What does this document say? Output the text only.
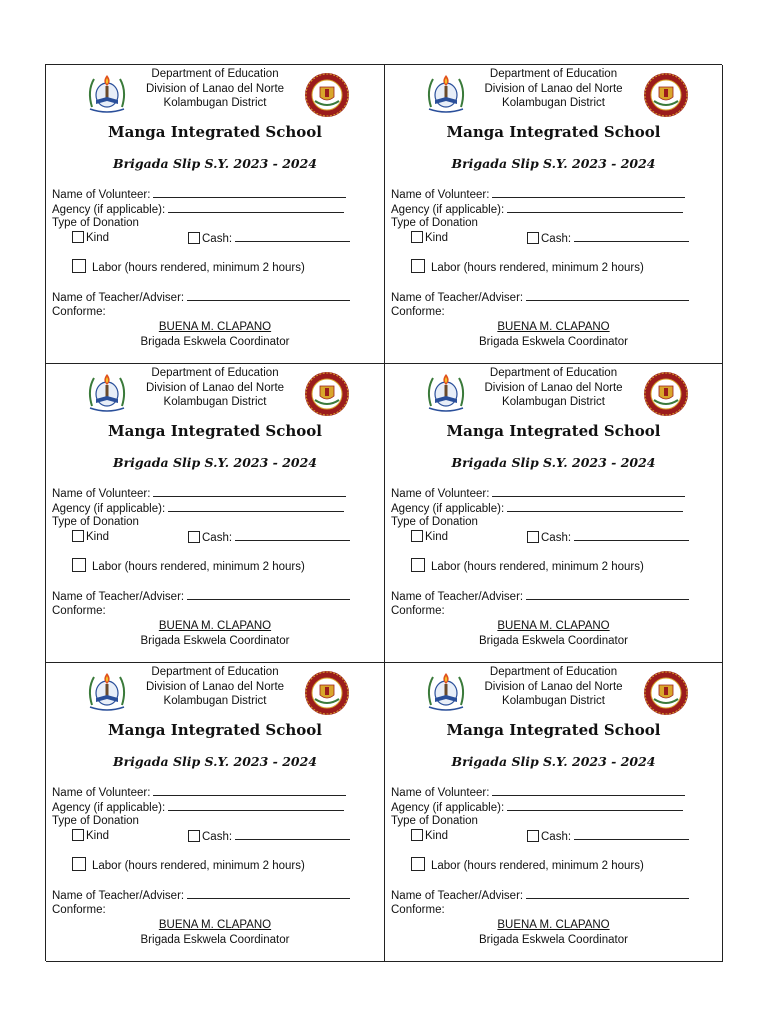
Department of Education
Division of Lanao del Norte
Kolambugan District
Manga Integrated School
Brigada Slip S.Y. 2023 - 2024
Name of Volunteer:
Agency (if applicable):
Type of Donation
Kind	Cash:
Labor (hours rendered, minimum 2 hours)
Name of Teacher/Adviser:
Conforme:
BUENA M. CLAPANO
Brigada Eskwela Coordinator
Department of Education
Division of Lanao del Norte
Kolambugan District
Manga Integrated School
Brigada Slip S.Y. 2023 - 2024
Name of Volunteer:
Agency (if applicable):
Type of Donation
Kind	Cash:
Labor (hours rendered, minimum 2 hours)
Name of Teacher/Adviser:
Conforme:
BUENA M. CLAPANO
Brigada Eskwela Coordinator
Department of Education
Division of Lanao del Norte
Kolambugan District
Manga Integrated School
Brigada Slip S.Y. 2023 - 2024
Name of Volunteer:
Agency (if applicable):
Type of Donation
Kind	Cash:
Labor (hours rendered, minimum 2 hours)
Name of Teacher/Adviser:
Conforme:
BUENA M. CLAPANO
Brigada Eskwela Coordinator
Department of Education
Division of Lanao del Norte
Kolambugan District
Manga Integrated School
Brigada Slip S.Y. 2023 - 2024
Name of Volunteer:
Agency (if applicable):
Type of Donation
Kind	Cash:
Labor (hours rendered, minimum 2 hours)
Name of Teacher/Adviser:
Conforme:
BUENA M. CLAPANO
Brigada Eskwela Coordinator
Department of Education
Division of Lanao del Norte
Kolambugan District
Manga Integrated School
Brigada Slip S.Y. 2023 - 2024
Name of Volunteer:
Agency (if applicable):
Type of Donation
Kind	Cash:
Labor (hours rendered, minimum 2 hours)
Name of Teacher/Adviser:
Conforme:
BUENA M. CLAPANO
Brigada Eskwela Coordinator
Department of Education
Division of Lanao del Norte
Kolambugan District
Manga Integrated School
Brigada Slip S.Y. 2023 - 2024
Name of Volunteer:
Agency (if applicable):
Type of Donation
Kind	Cash:
Labor (hours rendered, minimum 2 hours)
Name of Teacher/Adviser:
Conforme:
BUENA M. CLAPANO
Brigada Eskwela Coordinator
